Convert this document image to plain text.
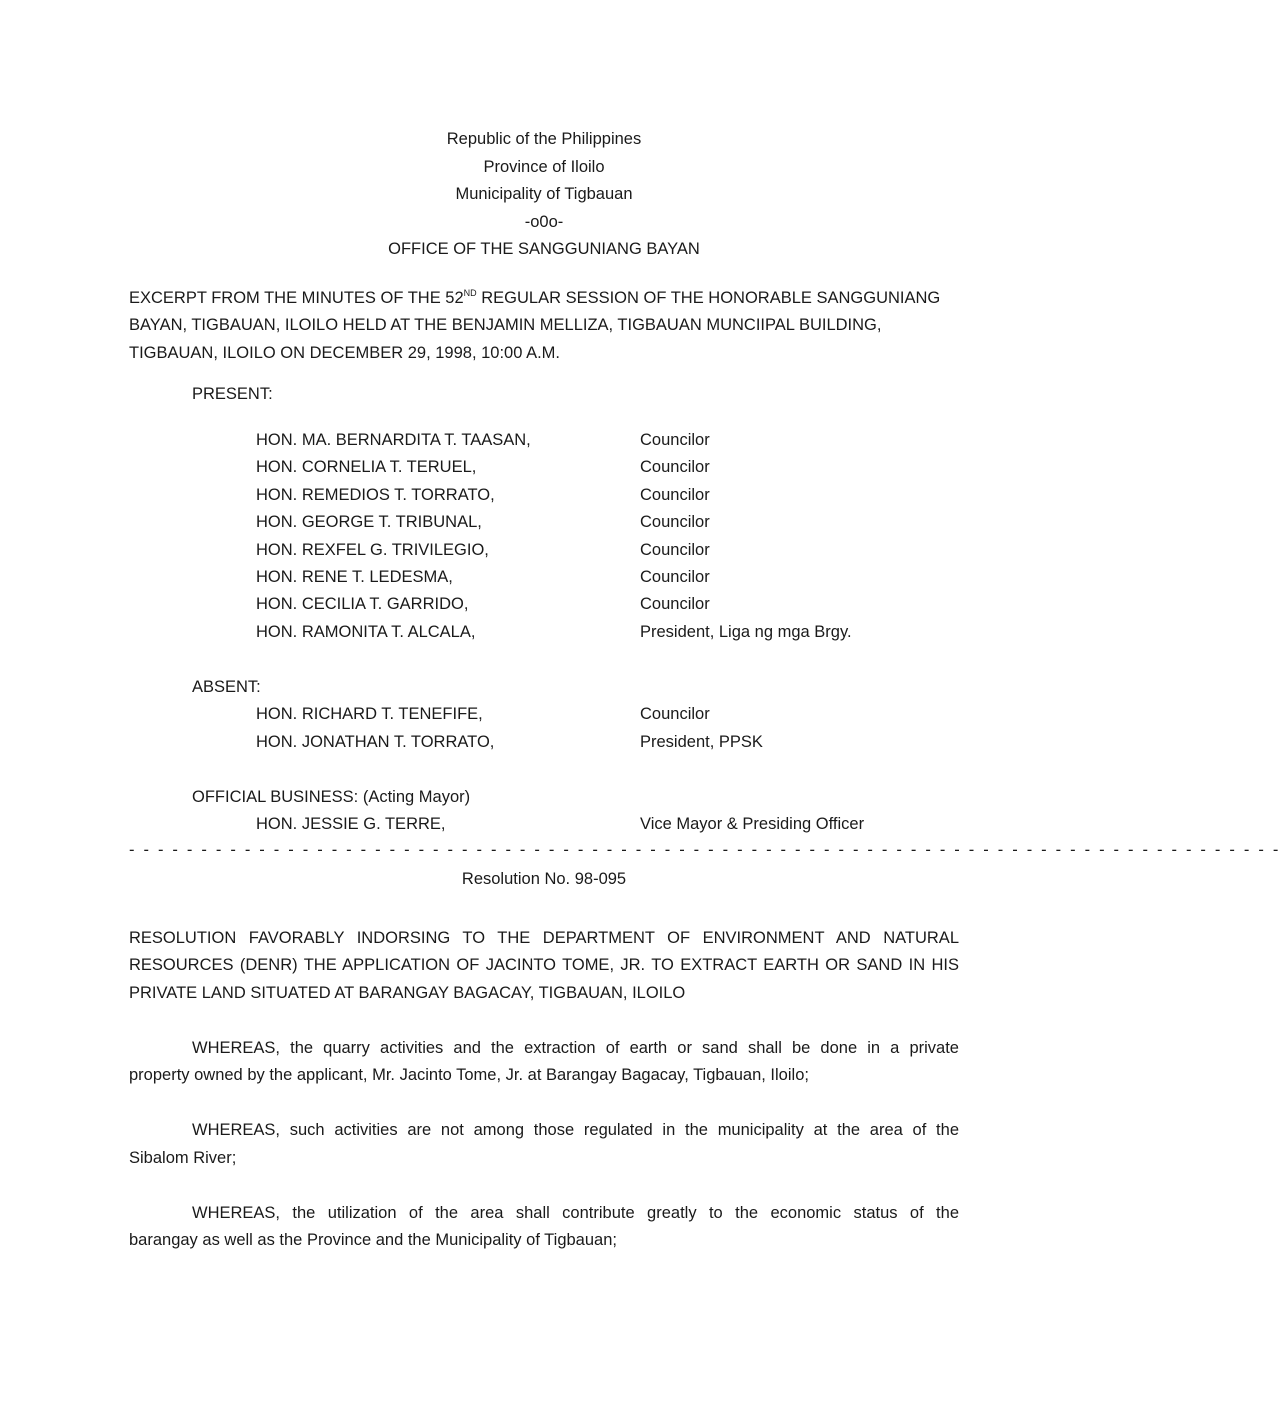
Republic of the Philippines
Province of Iloilo
Municipality of Tigbauan
-o0o-
OFFICE OF THE SANGGUNIANG BAYAN
EXCERPT FROM THE MINUTES OF THE 52ND REGULAR SESSION OF THE HONORABLE SANGGUNIANG
BAYAN, TIGBAUAN, ILOILO HELD AT THE BENJAMIN MELLIZA, TIGBAUAN MUNCIIPAL BUILDING,
TIGBAUAN, ILOILO ON DECEMBER 29, 1998, 10:00 A.M.
PRESENT:
HON. MA. BERNARDITA T. TAASAN,	Councilor
HON. CORNELIA T. TERUEL,	Councilor
HON. REMEDIOS T. TORRATO,	Councilor
HON. GEORGE T. TRIBUNAL,	Councilor
HON. REXFEL G. TRIVILEGIO,	Councilor
HON. RENE T. LEDESMA,	Councilor
HON. CECILIA T. GARRIDO,	Councilor
HON. RAMONITA T. ALCALA,	President, Liga ng mga Brgy.
ABSENT:
HON. RICHARD T. TENEFIFE,	Councilor
HON. JONATHAN T. TORRATO,	President, PPSK
OFFICIAL BUSINESS: (Acting Mayor)
HON. JESSIE G. TERRE,	Vice Mayor & Presiding Officer
- - - - - - - - - - - - - - - - - - - - - - - - - - - - - - - - - - - - - - - - - - - - - - - - - - - - - - - - - - - - - - - - - - - - - - - - - - - - - - - -
Resolution No. 98-095
RESOLUTION FAVORABLY INDORSING TO THE DEPARTMENT OF ENVIRONMENT AND NATURAL
RESOURCES (DENR) THE APPLICATION OF JACINTO TOME, JR. TO EXTRACT EARTH OR SAND IN HIS
PRIVATE LAND SITUATED AT BARANGAY BAGACAY, TIGBAUAN, ILOILO
WHEREAS, the quarry activities and the extraction of earth or sand shall be done in a private
property owned by the applicant, Mr. Jacinto Tome, Jr. at Barangay Bagacay, Tigbauan, Iloilo;
WHEREAS, such activities are not among those regulated in the municipality at the area of the
Sibalom River;
WHEREAS, the utilization of the area shall contribute greatly to the economic status of the
barangay as well as the Province and the Municipality of Tigbauan;
